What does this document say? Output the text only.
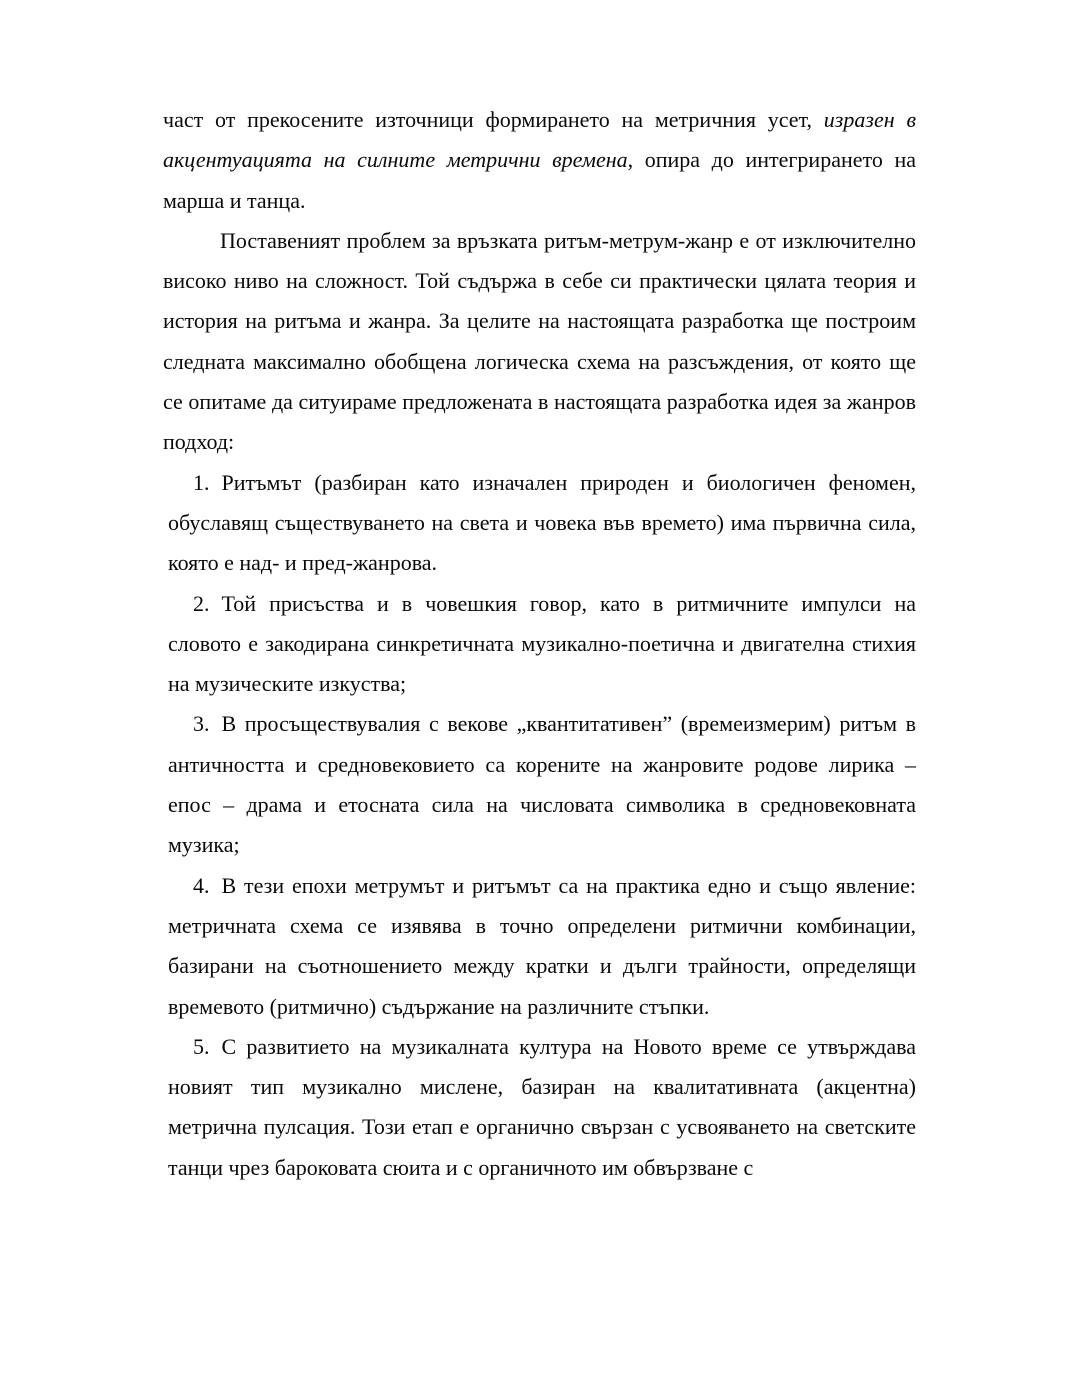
част от прекосените източници формирането на метричния усет, изразен в акцентуацията на силните метрични времена, опира до интегрирането на марша и танца.

Поставеният проблем за връзката ритъм-метрум-жанр е от изключително високо ниво на сложност. Той съдържа в себе си практически цялата теория и история на ритъма и жанра. За целите на настоящата разработка ще построим следната максимално обобщена логическа схема на разсъждения, от която ще се опитаме да ситуираме предложената в настоящата разработка идея за жанров подход:

1. Ритъмът (разбиран като изначален природен и биологичен феномен, обуславящ съществуването на света и човека във времето) има първична сила, която е над- и пред-жанрова.

2. Той присъства и в човешкия говор, като в ритмичните импулси на словото е закодирана синкретичната музикално-поетична и двигателна стихия на музическите изкуства;

3. В просъществувалия с векове „квантитативен” (времеизмерим) ритъм в античността и средновековието са корените на жанровите родове лирика – епос – драма и етосната сила на числовата символика в средновековната музика;

4. В тези епохи метрумът и ритъмът са на практика едно и също явление: метричната схема се изявява в точно определени ритмични комбинации, базирани на съотношението между кратки и дълги трайности, определящи времевото (ритмично) съдържание на различните стъпки.

5. С развитието на музикалната култура на Новото време се утвърждава новият тип музикално мислене, базиран на квалитативната (акцентна) метрична пулсация. Този етап е органично свързан с усвояването на светските танци чрез бароковата сюита и с органичното им обвързване с
